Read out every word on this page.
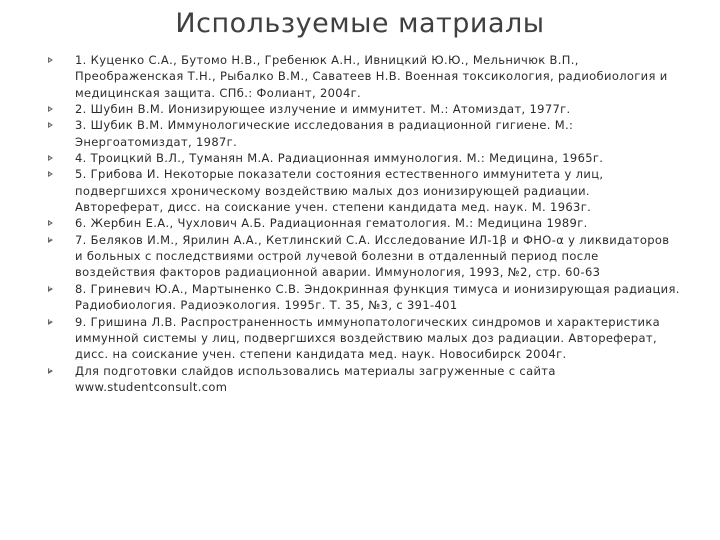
Используемые матриалы
1. Куценко С.А., Бутомо Н.В., Гребенюк А.Н., Ивницкий Ю.Ю., Мельничюк В.П., Преображенская Т.Н., Рыбалко В.М., Саватеев Н.В. Военная токсикология, радиобиология и медицинская защита. СПб.: Фолиант, 2004г.
2. Шубин В.М. Ионизирующее излучение и иммунитет. М.: Атомиздат, 1977г.
3. Шубик В.М. Иммунологические исследования в радиационной гигиене. М.: Энергоатомиздат, 1987г.
4. Троицкий В.Л., Туманян М.А. Радиационная иммунология. М.: Медицина, 1965г.
5. Грибова И. Некоторые показатели состояния естественного иммунитета у лиц, подвергшихся хроническому воздействию малых доз ионизирующей радиации. Автореферат, дисс. на соискание учен. степени кандидата мед. наук. М. 1963г.
6. Жербин Е.А., Чухлович А.Б. Радиационная гематология. М.: Медицина 1989г.
7. Беляков И.М., Ярилин А.А., Кетлинский С.А. Исследование ИЛ-1β и ФНО-α у ликвидаторов и больных с последствиями острой лучевой болезни в отдаленный период после воздействия факторов радиационной аварии. Иммунология, 1993, №2, стр. 60-63
8. Гриневич Ю.А., Мартыненко С.В. Эндокринная функция тимуса и ионизирующая радиация. Радиобиология. Радиоэкология. 1995г. Т. 35, №3, с 391-401
9. Гришина Л.В. Распространенность иммунопатологических синдромов и характеристика иммунной системы у лиц, подвергшихся воздействию малых доз радиации. Автореферат, дисс. на соискание учен. степени кандидата мед. наук. Новосибирск 2004г.
Для подготовки слайдов использовались материалы загруженные с сайта www.studentconsult.com
